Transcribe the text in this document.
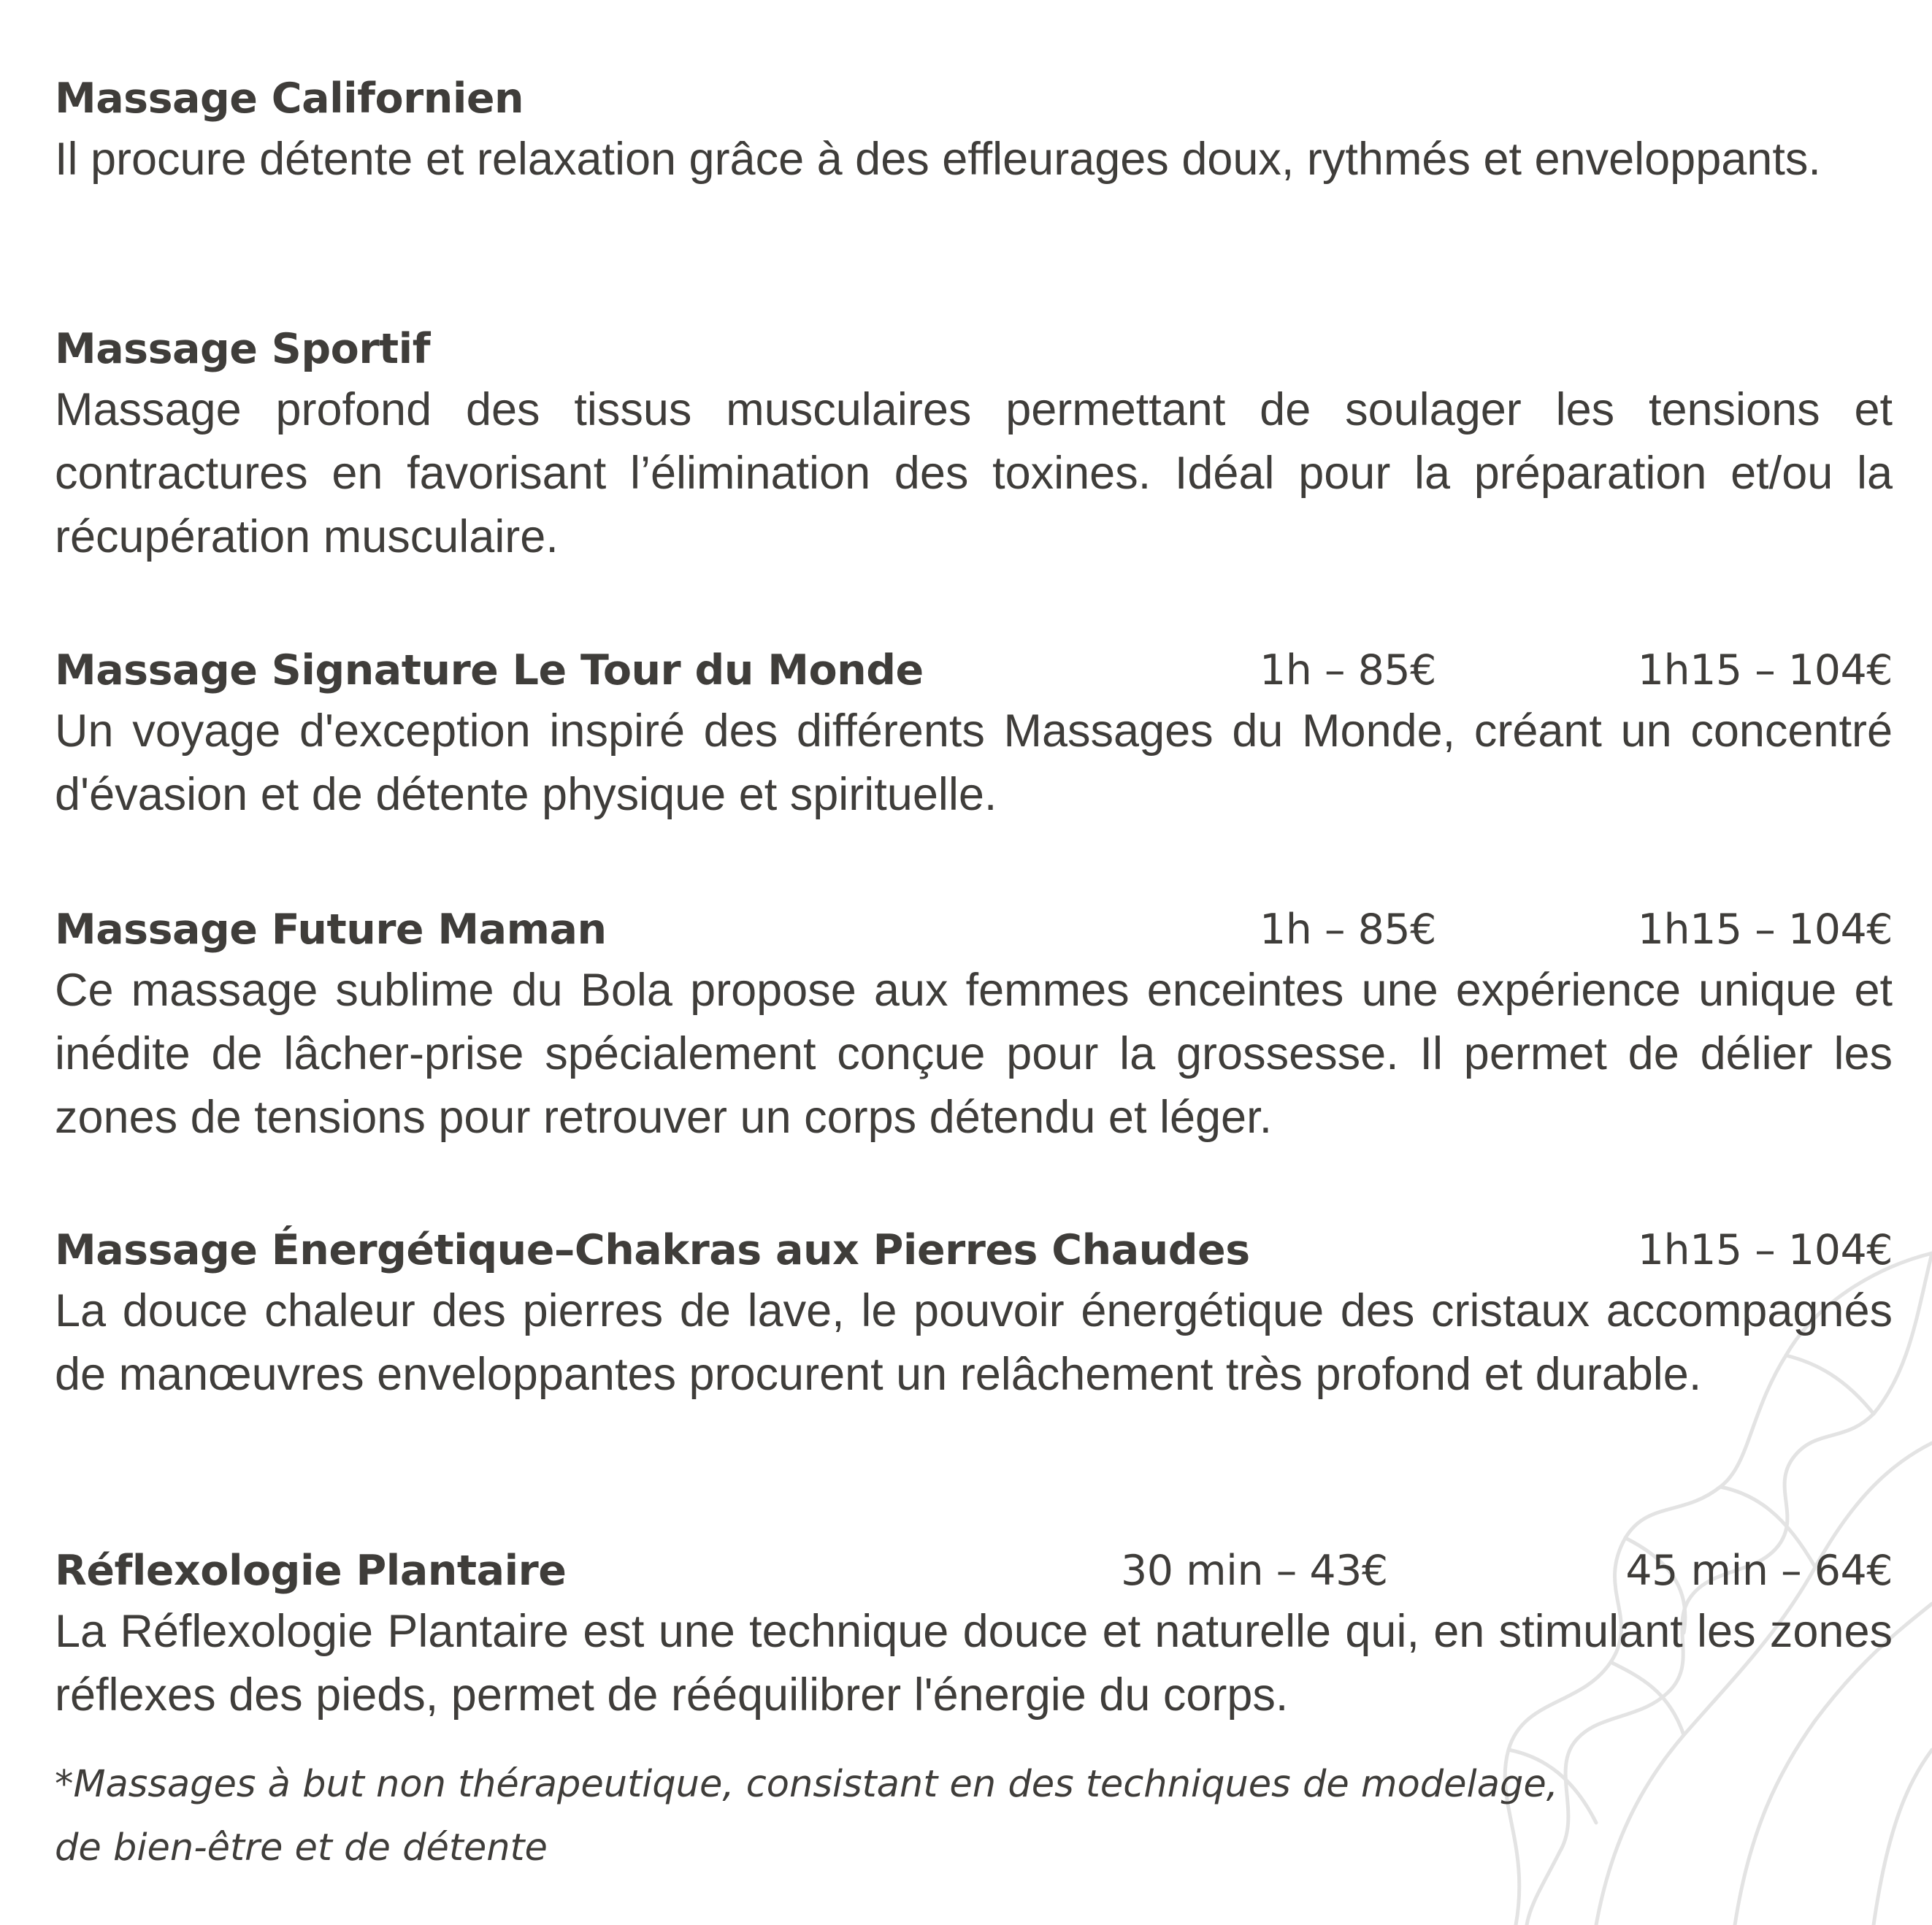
Massage Californien

Il procure détente et relaxation grâce à des effleurages doux, rythmés et enveloppants.

Massage Sportif

Massage profond des tissus musculaires permettant de soulager les tensions et contractures en favorisant l’élimination des toxines. Idéal pour la préparation et/ou la récupération musculaire.

Massage Signature Le Tour du Monde	1h – 85€	1h15 – 104€

Un voyage d'exception inspiré des différents Massages du Monde, créant un concentré d'évasion et de détente physique et spirituelle.

Massage Future Maman	1h – 85€	1h15 – 104€

Ce massage sublime du Bola propose aux femmes enceintes une expérience unique et inédite de lâcher-prise spécialement conçue pour la grossesse. Il permet de délier les zones de tensions pour retrouver un corps détendu et léger.

Massage Énergétique–Chakras aux Pierres Chaudes	1h15 – 104€

La douce chaleur des pierres de lave, le pouvoir énergétique des cristaux accompagnés de manœuvres enveloppantes procurent un relâchement très profond et durable.

Réflexologie Plantaire	30 min – 43€	45 min – 64€

La Réflexologie Plantaire est une technique douce et naturelle qui, en stimulant les zones réflexes des pieds, permet de rééquilibrer l'énergie du corps.

*Massages à but non thérapeutique, consistant en des techniques de modelage,
de bien-être et de détente
